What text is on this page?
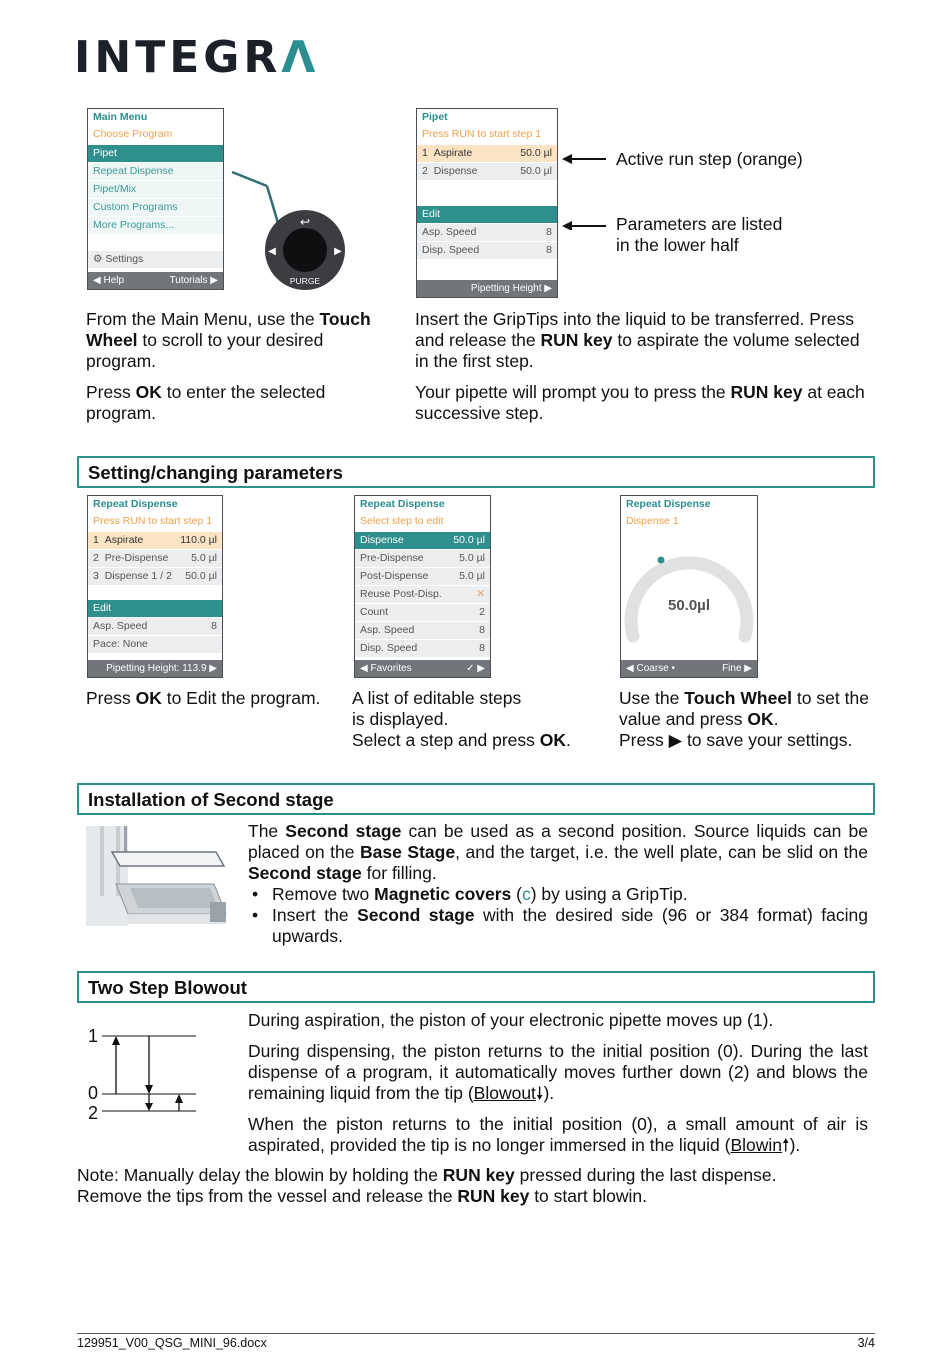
INTEGRΛ
Main Menu
Choose Program
Pipet
Repeat Dispense
Pipet/Mix
Custom Programs
More Programs...
⚙ Settings
◀ Help	Tutorials ▶
↩
◀	▶
PURGE
Pipet
Press RUN to start step 1
1 Aspirate	50.0 µl
2 Dispense	50.0 µl
Edit
Asp. Speed	8
Disp. Speed	8
Pipetting Height ▶
Active run step (orange)
Parameters are listed
in the lower half

From the Main Menu, use the Touch Wheel to scroll to your desired program.

Press OK to enter the selected program.

Insert the GripTips into the liquid to be transferred. Press and release the RUN key to aspirate the volume selected in the first step.

Your pipette will prompt you to press the RUN key at each successive step.

Setting/changing parameters
Repeat Dispense
Press RUN to start step 1
1 Aspirate	110.0 µl
2 Pre-Dispense 5.0 µl
3 Dispense 1 / 2 50.0 µl
Edit
Asp. Speed	8
Pace: None
Pipetting Height: 113.9 ▶
Repeat Dispense
Select step to edit
Dispense	50.0 µl
Pre-Dispense	5.0 µl
Post-Dispense	5.0 µl
Reuse Post-Disp.	✕
Count	2
Asp. Speed	8
Disp. Speed	8
◀ Favorites	✓ ▶
Repeat Dispense
Dispense 1
50.0µl
◀ Coarse •	Fine ▶
Press OK to Edit the program.	A list of editable steps
is displayed.
Select a step and press OK.
Use the Touch Wheel to set the value and press OK.
Press ▶ to save your settings.
Installation of Second stage
The Second stage can be used as a second position. Source liquids can be placed on the Base Stage, and the target, i.e. the well plate, can be slid on the Second stage for filling.
• Remove two Magnetic covers (c) by using a GripTip.
• Insert the Second stage with the desired side (96 or 384 format) facing upwards.
Two Step Blowout
1
0
2

During aspiration, the piston of your electronic pipette moves up (1).

During dispensing, the piston returns to the initial position (0). During the last dispense of a program, it automatically moves further down (2) and blows the remaining liquid from the tip (Blowout🠗).

When the piston returns to the initial position (0), a small amount of air is aspirated, provided the tip is no longer immersed in the liquid (Blowin🠕).

Note: Manually delay the blowin by holding the RUN key pressed during the last dispense.
Remove the tips from the vessel and release the RUN key to start blowin.
129951_V00_QSG_MINI_96.docx	3/4
